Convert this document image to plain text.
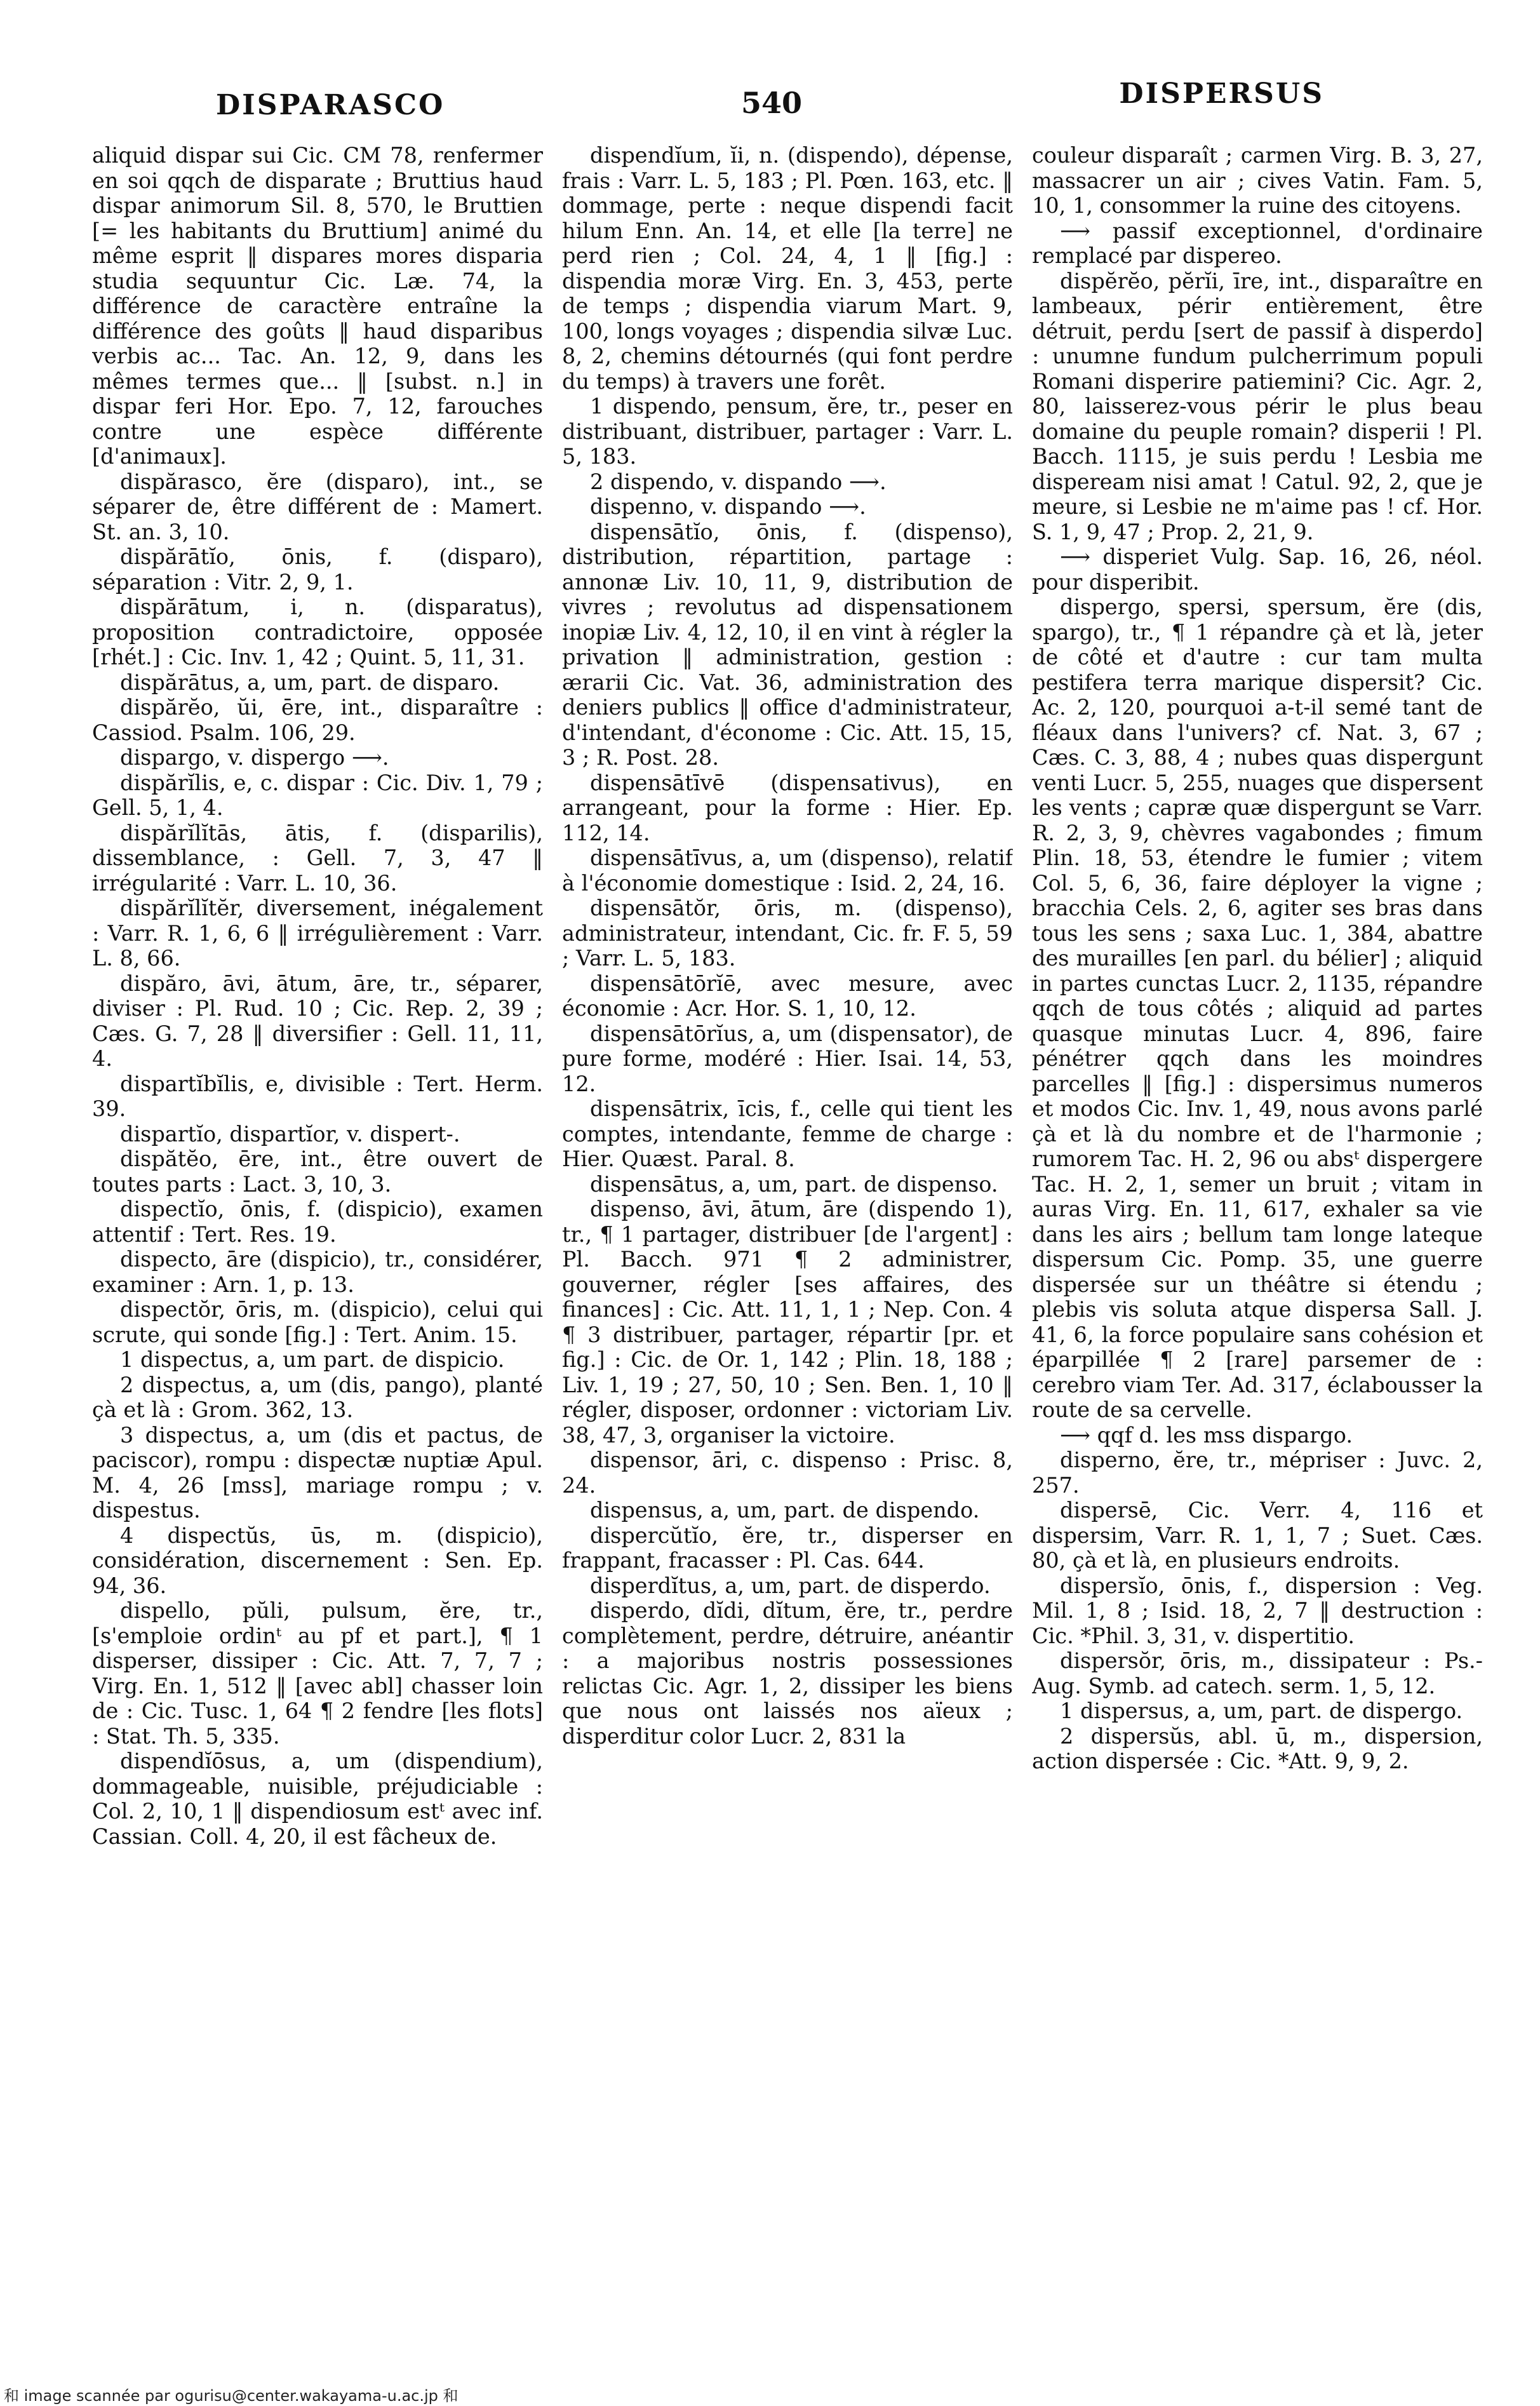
DISPARASCO	540	DISPERSUS

aliquid dispar sui Cic. CM 78, renfermer en soi qqch de disparate ; Bruttius haud dispar animorum Sil. 8, 570, le Bruttien [= les habitants du Bruttium] animé du même esprit ‖ dispares mores disparia studia sequuntur Cic. Læ. 74, la différence de caractère entraîne la différence des goûts ‖ haud disparibus verbis ac... Tac. An. 12, 9, dans les mêmes termes que... ‖ [subst. n.] in dispar feri Hor. Epo. 7, 12, farouches contre une espèce différente [d'animaux].

dispărasco, ĕre (disparo), int., se séparer de, être différent de : Mamert. St. an. 3, 10.

dispărātĭo, ōnis, f. (disparo), séparation : Vitr. 2, 9, 1.

dispărātum, i, n. (disparatus), proposition contradictoire, opposée [rhét.] : Cic. Inv. 1, 42 ; Quint. 5, 11, 31.

dispărātus, a, um, part. de disparo.

dispărĕo, ŭi, ēre, int., disparaître : Cassiod. Psalm. 106, 29.

dispargo, v. dispergo ⟶.

dispărĭlis, e, c. dispar : Cic. Div. 1, 79 ; Gell. 5, 1, 4.

dispărĭlĭtās, ātis, f. (disparilis), dissemblance, : Gell. 7, 3, 47 ‖ irrégularité : Varr. L. 10, 36.

dispărĭlĭtĕr, diversement, inégalement : Varr. R. 1, 6, 6 ‖ irrégulièrement : Varr. L. 8, 66.

dispăro, āvi, ātum, āre, tr., séparer, diviser : Pl. Rud. 10 ; Cic. Rep. 2, 39 ; Cæs. G. 7, 28 ‖ diversifier : Gell. 11, 11, 4.

dispartĭbĭlis, e, divisible : Tert. Herm. 39.

dispartĭo, dispartĭor, v. dispert-.

dispătĕo, ēre, int., être ouvert de toutes parts : Lact. 3, 10, 3.

dispectĭo, ōnis, f. (dispicio), examen attentif : Tert. Res. 19.

dispecto, āre (dispicio), tr., considérer, examiner : Arn. 1, p. 13.

dispectŏr, ōris, m. (dispicio), celui qui scrute, qui sonde [fig.] : Tert. Anim. 15.

1 dispectus, a, um part. de dispicio.

2 dispectus, a, um (dis, pango), planté çà et là : Grom. 362, 13.

3 dispectus, a, um (dis et pactus, de paciscor), rompu : dispectæ nuptiæ Apul. M. 4, 26 [mss], mariage rompu ; v. dispestus.

4 dispectŭs, ūs, m. (dispicio), considération, discernement : Sen. Ep. 94, 36.

dispello, pŭli, pulsum, ĕre, tr., [s'emploie ordinᵗ au pf et part.], ¶ 1 disperser, dissiper : Cic. Att. 7, 7, 7 ; Virg. En. 1, 512 ‖ [avec abl] chasser loin de : Cic. Tusc. 1, 64 ¶ 2 fendre [les flots] : Stat. Th. 5, 335.

dispendĭōsus, a, um (dispendium), dommageable, nuisible, préjudiciable : Col. 2, 10, 1 ‖ dispendiosum estᵗ avec inf. Cassian. Coll. 4, 20, il est fâcheux de.

dispendĭum, ĭi, n. (dispendo), dépense, frais : Varr. L. 5, 183 ; Pl. Pœn. 163, etc. ‖ dommage, perte : neque dispendi facit hilum Enn. An. 14, et elle [la terre] ne perd rien ; Col. 24, 4, 1 ‖ [fig.] : dispendia moræ Virg. En. 3, 453, perte de temps ; dispendia viarum Mart. 9, 100, longs voyages ; dispendia silvæ Luc. 8, 2, chemins détournés (qui font perdre du temps) à travers une forêt.

1 dispendo, pensum, ĕre, tr., peser en distribuant, distribuer, partager : Varr. L. 5, 183.

2 dispendo, v. dispando ⟶.

dispenno, v. dispando ⟶.

dispensātĭo, ōnis, f. (dispenso), distribution, répartition, partage : annonæ Liv. 10, 11, 9, distribution de vivres ; revolutus ad dispensationem inopiæ Liv. 4, 12, 10, il en vint à régler la privation ‖ administration, gestion : ærarii Cic. Vat. 36, administration des deniers publics ‖ office d'administrateur, d'intendant, d'économe : Cic. Att. 15, 15, 3 ; R. Post. 28.

dispensātīvē (dispensativus), en arrangeant, pour la forme : Hier. Ep. 112, 14.

dispensātīvus, a, um (dispenso), relatif à l'économie domestique : Isid. 2, 24, 16.

dispensātŏr, ōris, m. (dispenso), administrateur, intendant, Cic. fr. F. 5, 59 ; Varr. L. 5, 183.

dispensātōrĭē, avec mesure, avec économie : Acr. Hor. S. 1, 10, 12.

dispensātōrĭus, a, um (dispensator), de pure forme, modéré : Hier. Isai. 14, 53, 12.

dispensātrix, īcis, f., celle qui tient les comptes, intendante, femme de charge : Hier. Quæst. Paral. 8.

dispensātus, a, um, part. de dispenso.

dispenso, āvi, ātum, āre (dispendo 1), tr., ¶ 1 partager, distribuer [de l'argent] : Pl. Bacch. 971 ¶ 2 administrer, gouverner, régler [ses affaires, des finances] : Cic. Att. 11, 1, 1 ; Nep. Con. 4 ¶ 3 distribuer, partager, répartir [pr. et fig.] : Cic. de Or. 1, 142 ; Plin. 18, 188 ; Liv. 1, 19 ; 27, 50, 10 ; Sen. Ben. 1, 10 ‖ régler, disposer, ordonner : victoriam Liv. 38, 47, 3, organiser la victoire.

dispensor, āri, c. dispenso : Prisc. 8, 24.

dispensus, a, um, part. de dispendo.

dispercŭtĭo, ĕre, tr., disperser en frappant, fracasser : Pl. Cas. 644.

disperdĭtus, a, um, part. de disperdo.

disperdo, dĭdi, dĭtum, ĕre, tr., perdre complètement, perdre, détruire, anéantir : a majoribus nostris possessiones relictas Cic. Agr. 1, 2, dissiper les biens que nous ont laissés nos aïeux ; disperditur color Lucr. 2, 831 la

couleur disparaît ; carmen Virg. B. 3, 27, massacrer un air ; cives Vatin. Fam. 5, 10, 1, consommer la ruine des citoyens.

⟶ passif exceptionnel, d'ordinaire remplacé par dispereo.

dispĕrĕo, pĕrĭi, īre, int., disparaître en lambeaux, périr entièrement, être détruit, perdu [sert de passif à disperdo] : unumne fundum pulcherrimum populi Romani disperire patiemini? Cic. Agr. 2, 80, laisserez-vous périr le plus beau domaine du peuple romain? disperii ! Pl. Bacch. 1115, je suis perdu ! Lesbia me dispeream nisi amat ! Catul. 92, 2, que je meure, si Lesbie ne m'aime pas ! cf. Hor. S. 1, 9, 47 ; Prop. 2, 21, 9.

⟶ disperiet Vulg. Sap. 16, 26, néol. pour disperibit.

dispergo, spersi, spersum, ĕre (dis, spargo), tr., ¶ 1 répandre çà et là, jeter de côté et d'autre : cur tam multa pestifera terra marique dispersit? Cic. Ac. 2, 120, pourquoi a-t-il semé tant de fléaux dans l'univers? cf. Nat. 3, 67 ; Cæs. C. 3, 88, 4 ; nubes quas dispergunt venti Lucr. 5, 255, nuages que dispersent les vents ; capræ quæ dispergunt se Varr. R. 2, 3, 9, chèvres vagabondes ; fimum Plin. 18, 53, étendre le fumier ; vitem Col. 5, 6, 36, faire déployer la vigne ; bracchia Cels. 2, 6, agiter ses bras dans tous les sens ; saxa Luc. 1, 384, abattre des murailles [en parl. du bélier] ; aliquid in partes cunctas Lucr. 2, 1135, répandre qqch de tous côtés ; aliquid ad partes quasque minutas Lucr. 4, 896, faire pénétrer qqch dans les moindres parcelles ‖ [fig.] : dispersimus numeros et modos Cic. Inv. 1, 49, nous avons parlé çà et là du nombre et de l'harmonie ; rumorem Tac. H. 2, 96 ou absᵗ dispergere Tac. H. 2, 1, semer un bruit ; vitam in auras Virg. En. 11, 617, exhaler sa vie dans les airs ; bellum tam longe lateque dispersum Cic. Pomp. 35, une guerre dispersée sur un théâtre si étendu ; plebis vis soluta atque dispersa Sall. J. 41, 6, la force populaire sans cohésion et éparpillée ¶ 2 [rare] parsemer de : cerebro viam Ter. Ad. 317, éclabousser la route de sa cervelle.

⟶ qqf d. les mss dispargo.

disperno, ĕre, tr., mépriser : Juvc. 2, 257.

dispersē, Cic. Verr. 4, 116 et dispersim, Varr. R. 1, 1, 7 ; Suet. Cæs. 80, çà et là, en plusieurs endroits.

dispersĭo, ōnis, f., dispersion : Veg. Mil. 1, 8 ; Isid. 18, 2, 7 ‖ destruction : Cic. *Phil. 3, 31, v. dispertitio.

dispersŏr, ōris, m., dissipateur : Ps.-Aug. Symb. ad catech. serm. 1, 5, 12.

1 dispersus, a, um, part. de dispergo.

2 dispersŭs, abl. ū, m., dispersion, action dispersée : Cic. *Att. 9, 9, 2.

和 image scannée par ogurisu@center.wakayama-u.ac.jp 和
